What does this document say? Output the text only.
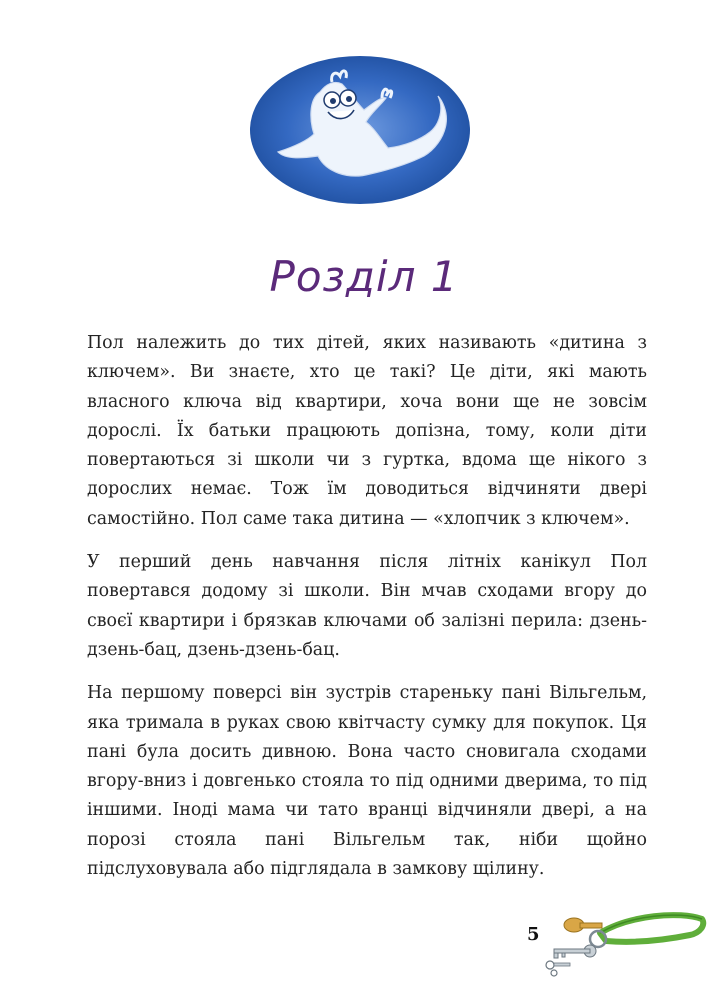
Розділ 1

Пол належить до тих дітей, яких називають «дитина з ключем». Ви знаєте, хто це такі? Це діти, які мають власного ключа від квартири, хоча вони ще не зовсім дорослі. Їх батьки працюють допізна, тому, коли діти повертаються зі школи чи з гуртка, вдома ще нікого з дорослих немає. Тож їм доводиться відчиняти двері самостійно. Пол саме така дитина — «хлопчик з ключем».

У перший день навчання після літніх канікул Пол повертався додому зі школи. Він мчав сходами вгору до своєї квартири і брязкав ключами об залізні перила: дзень-дзень-бац, дзень-дзень-бац.

На першому поверсі він зустрів стареньку пані Вільгельм, яка тримала в руках свою квітчасту сумку для покупок. Ця пані була досить дивною. Вона часто сновигала сходами вгору-вниз і довгенько стояла то під одними дверима, то під іншими. Іноді мама чи тато вранці відчиняли двері, а на порозі стояла пані Вільгельм так, ніби щойно підслуховувала або підглядала в замкову щілину.

5
